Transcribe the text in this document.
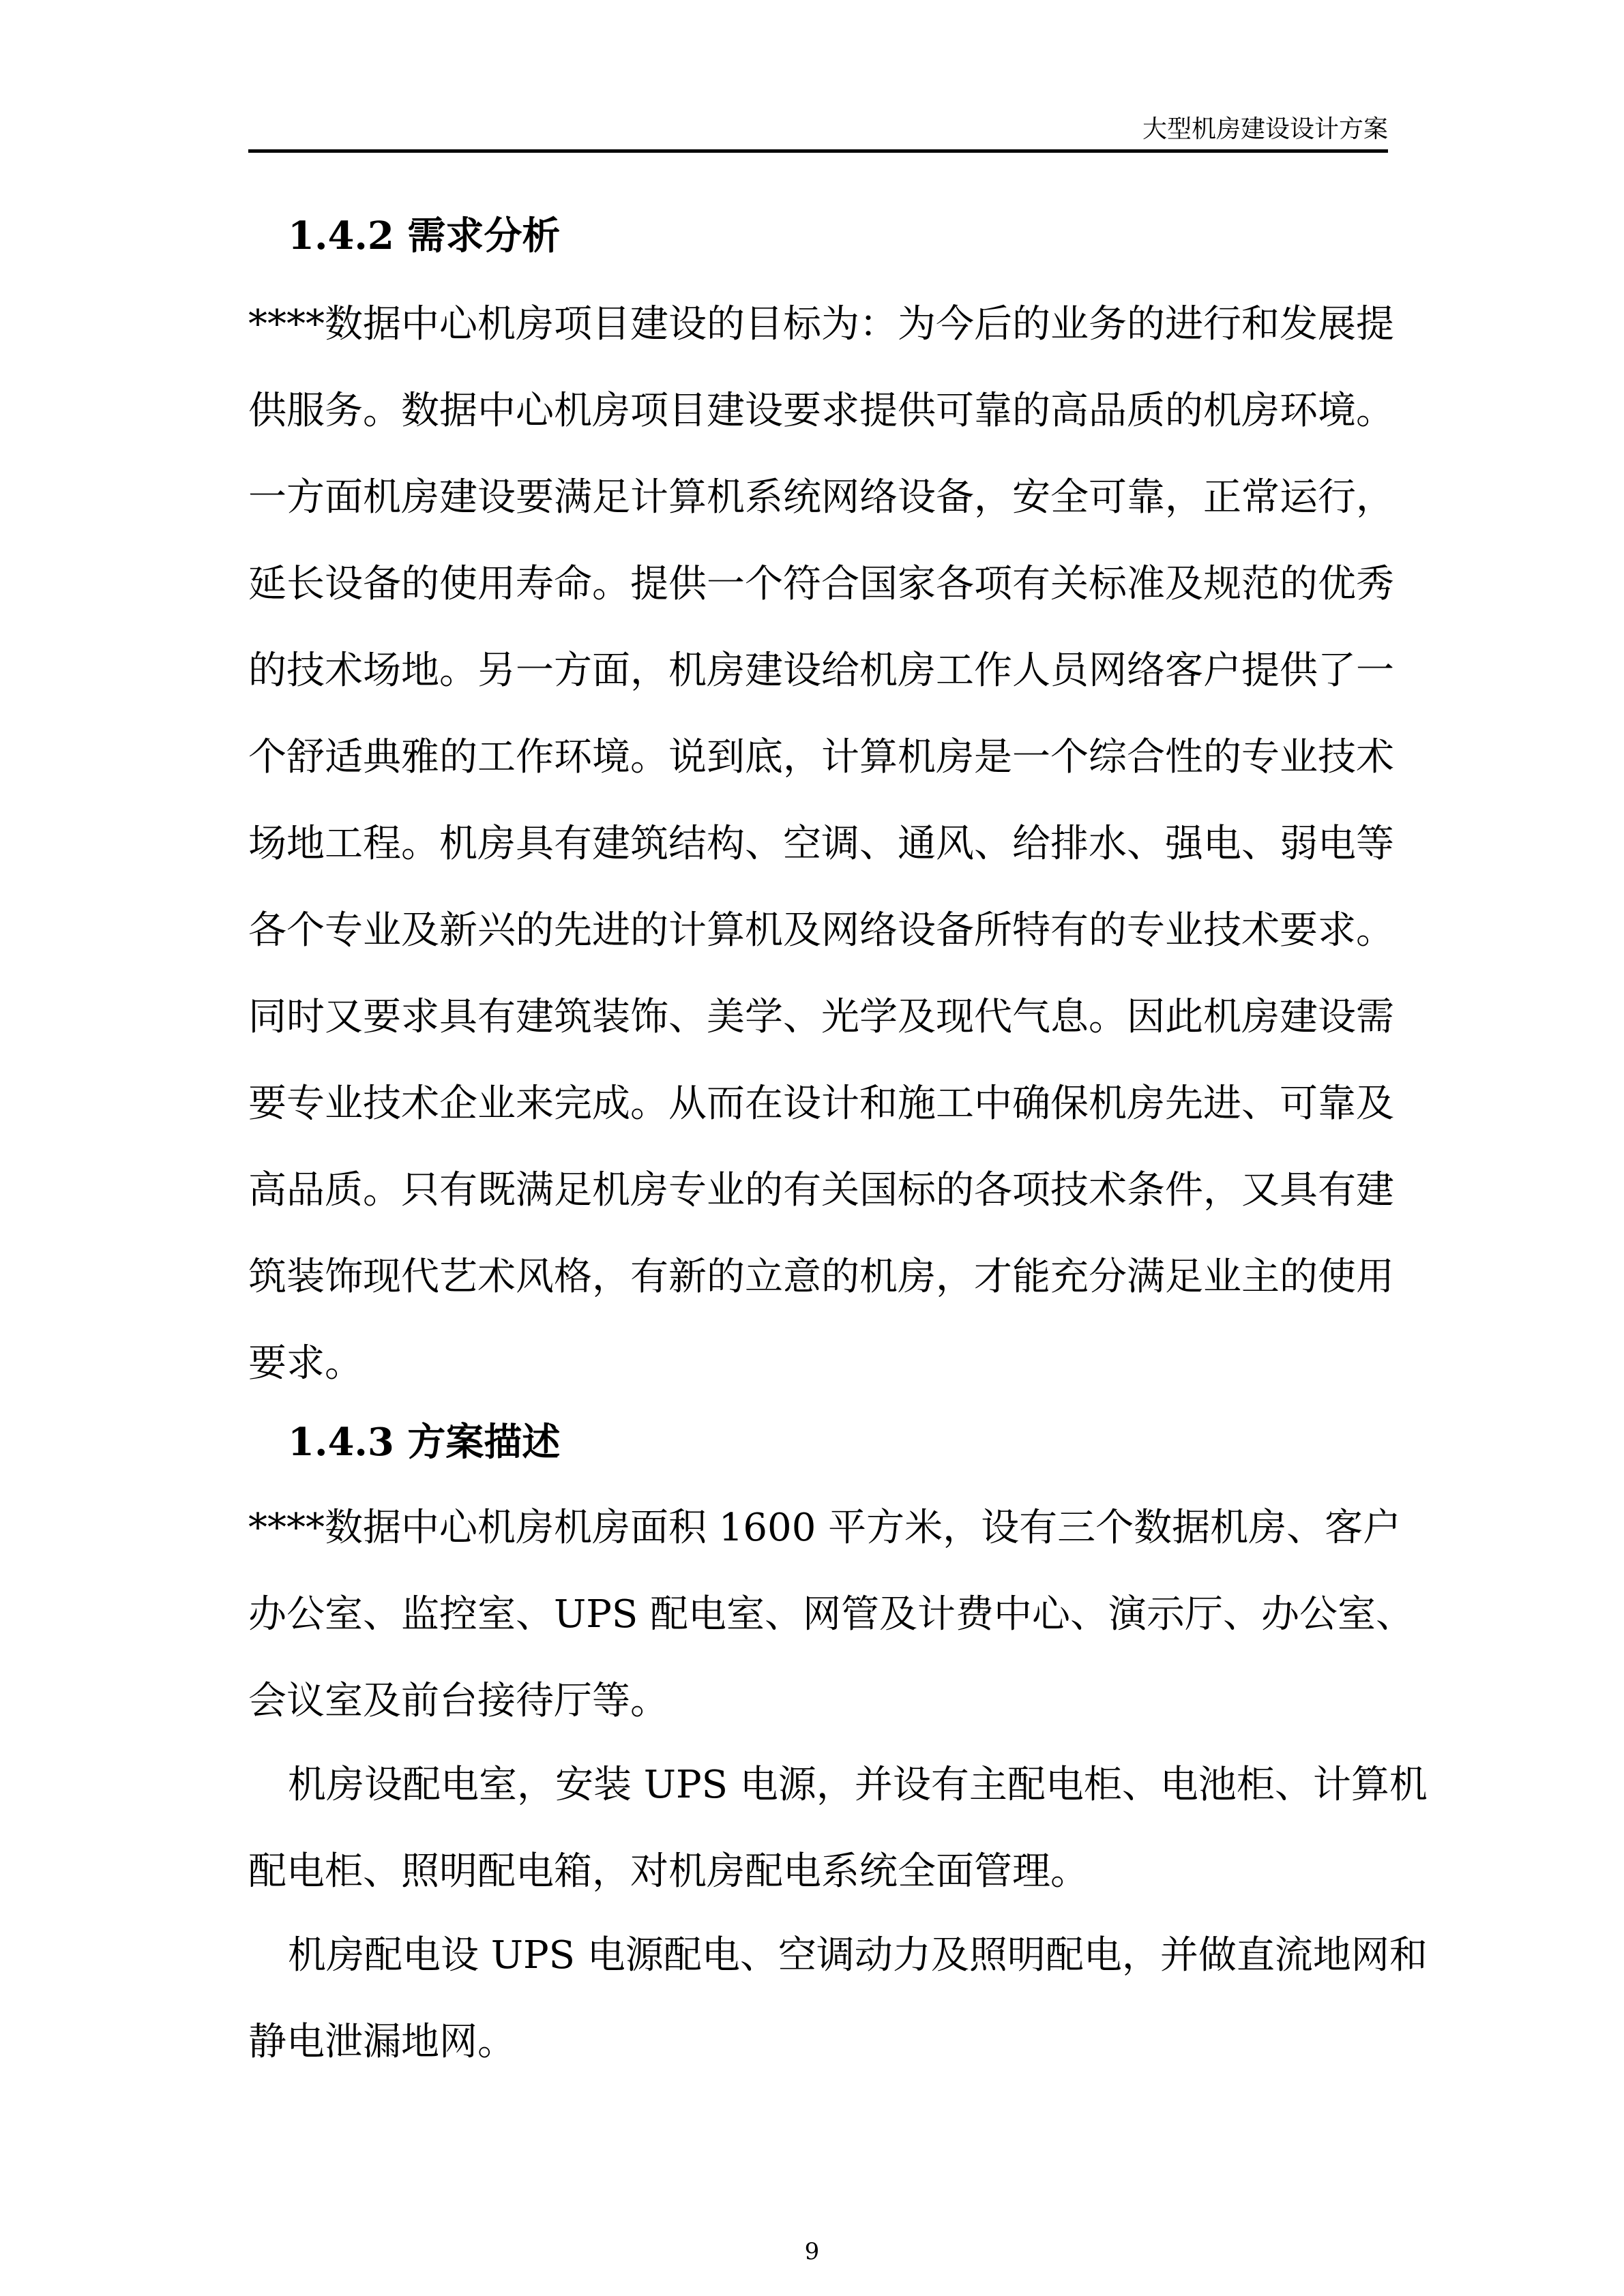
大型机房建设设计方案
1.4.2 需求分析
****数据中心机房项目建设的目标为：为今后的业务的进行和发展提
供服务。数据中心机房项目建设要求提供可靠的高品质的机房环境。
一方面机房建设要满足计算机系统网络设备，安全可靠，正常运行，
延长设备的使用寿命。提供一个符合国家各项有关标准及规范的优秀
的技术场地。另一方面，机房建设给机房工作人员网络客户提供了一
个舒适典雅的工作环境。说到底，计算机房是一个综合性的专业技术
场地工程。机房具有建筑结构、空调、通风、给排水、强电、弱电等
各个专业及新兴的先进的计算机及网络设备所特有的专业技术要求。
同时又要求具有建筑装饰、美学、光学及现代气息。因此机房建设需
要专业技术企业来完成。从而在设计和施工中确保机房先进、可靠及
高品质。只有既满足机房专业的有关国标的各项技术条件，又具有建
筑装饰现代艺术风格，有新的立意的机房，才能充分满足业主的使用
要求。
1.4.3 方案描述
****数据中心机房机房面积 1600 平方米，设有三个数据机房、客户
办公室、监控室、UPS 配电室、网管及计费中心、演示厅、办公室、
会议室及前台接待厅等。
机房设配电室，安装 UPS 电源，并设有主配电柜、电池柜、计算机
配电柜、照明配电箱，对机房配电系统全面管理。
机房配电设 UPS 电源配电、空调动力及照明配电，并做直流地网和
静电泄漏地网。
9
